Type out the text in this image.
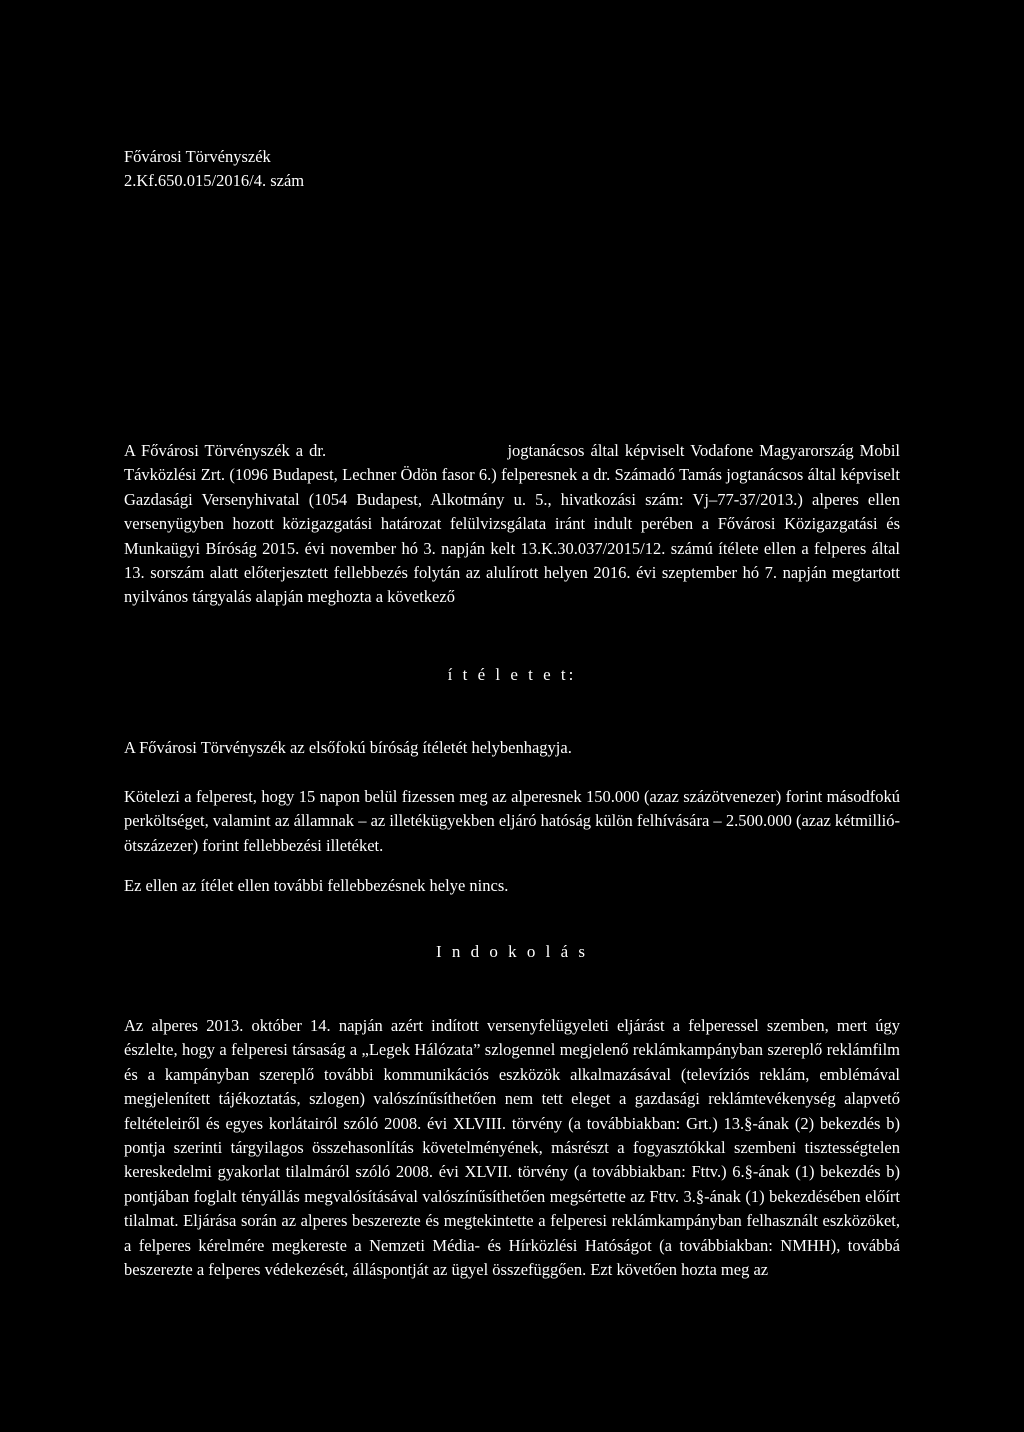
Fővárosi Törvényszék
2.Kf.650.015/2016/4. szám

A Fővárosi Törvényszék a dr.                              jogtanácsos által képviselt Vodafone Magyarország Mobil Távközlési Zrt. (1096 Budapest, Lechner Ödön fasor 6.) felperesnek a dr. Számadó Tamás jogtanácsos által képviselt Gazdasági Versenyhivatal (1054 Budapest, Alkotmány u. 5., hivatkozási szám: Vj–77-37/2013.) alperes ellen versenyügyben hozott közigazgatási határozat felülvizsgálata iránt indult perében a Fővárosi Közigazgatási és Munkaügyi Bíróság 2015. évi november hó 3. napján kelt 13.K.30.037/2015/12. számú ítélete ellen a felperes által 13. sorszám alatt előterjesztett fellebbezés folytán az alulírott helyen 2016. évi szeptember hó 7. napján megtartott nyilvános tárgyalás alapján meghozta a következő

í t é l e t e t:

A Fővárosi Törvényszék az elsőfokú bíróság ítéletét helybenhagyja.

Kötelezi a felperest, hogy 15 napon belül fizessen meg az alperesnek 150.000 (azaz százötvenezer) forint másodfokú perköltséget, valamint az államnak – az illetékügyekben eljáró hatóság külön felhívására – 2.500.000 (azaz kétmillió-ötszázezer) forint fellebbezési illetéket.

Ez ellen az ítélet ellen további fellebbezésnek helye nincs.

I n d o k o l á s

Az alperes 2013. október 14. napján azért indított versenyfelügyeleti eljárást a felperessel szemben, mert úgy észlelte, hogy a felperesi társaság a „Legek Hálózata” szlogennel megjelenő reklámkampányban szereplő reklámfilm és a kampányban szereplő további kommunikációs eszközök alkalmazásával (televíziós reklám, emblémával megjelenített tájékoztatás, szlogen) valószínűsíthetően nem tett eleget a gazdasági reklámtevékenység alapvető feltételeiről és egyes korlátairól szóló 2008. évi XLVIII. törvény (a továbbiakban: Grt.) 13.§-ának (2) bekezdés b) pontja szerinti tárgyilagos összehasonlítás követelményének, másrészt a fogyasztókkal szembeni tisztességtelen kereskedelmi gyakorlat tilalmáról szóló 2008. évi XLVII. törvény (a továbbiakban: Fttv.) 6.§-ának (1) bekezdés b) pontjában foglalt tényállás megvalósításával valószínűsíthetően megsértette az Fttv. 3.§-ának (1) bekezdésében előírt tilalmat. Eljárása során az alperes beszerezte és megtekintette a felperesi reklámkampányban felhasznált eszközöket, a felperes kérelmére megkereste a Nemzeti Média- és Hírközlési Hatóságot (a továbbiakban: NMHH), továbbá beszerezte a felperes védekezését, álláspontját az ügyel összefüggően. Ezt követően hozta meg az
